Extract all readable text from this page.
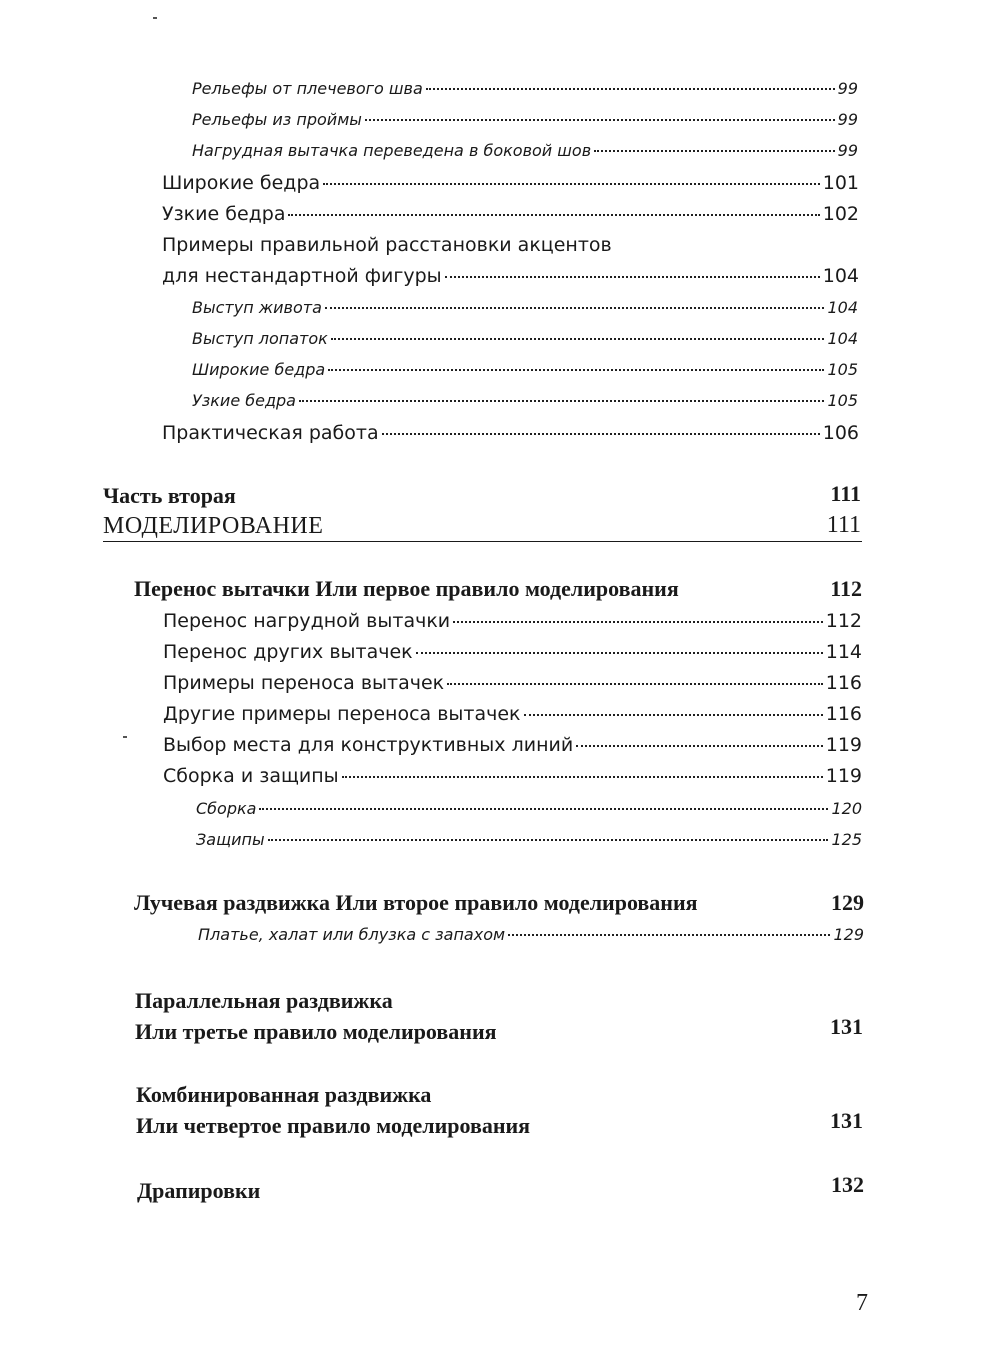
Рельефы от плечевого шва	99
Рельефы из проймы	99
Нагрудная вытачка переведена в боковой шов	99
Широкие бедра	101
Узкие бедра	102
Примеры правильной расстановки акцентов
для нестандартной фигуры	104
Выступ живота	104
Выступ лопаток	104
Широкие бедра	105
Узкие бедра	105
Практическая работа	106
Часть вторая	111
МОДЕЛИРОВАНИЕ	111
Перенос вытачки Или первое правило моделирования	112
Перенос нагрудной вытачки	112
Перенос других вытачек	114
Примеры переноса вытачек	116
Другие примеры переноса вытачек	116
Выбор места для конструктивных линий	119
Сборка и защипы	119
Сборка	120
Защипы	125
Лучевая раздвижка Или второе правило моделирования	129
Платье, халат или блузка с запахом	129
Параллельная раздвижка
Или третье правило моделирования	131
Комбинированная раздвижка
Или четвертое правило моделирования	131
Драпировки	132
7
